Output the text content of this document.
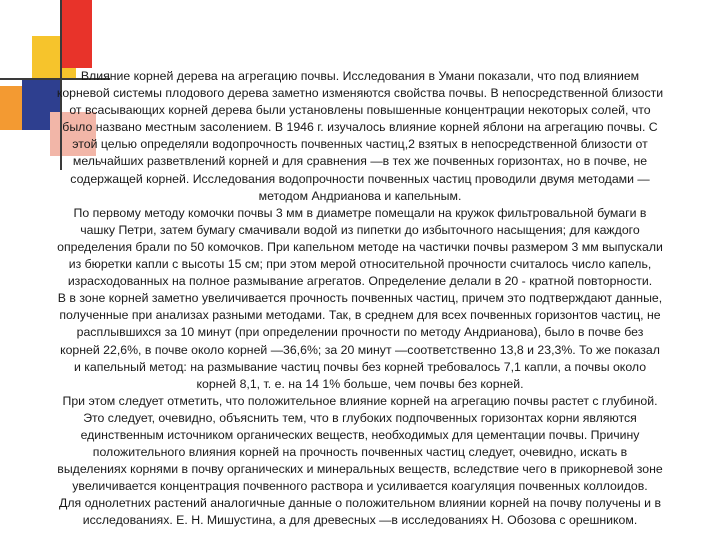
Влияние корней дерева на агрегацию почвы. Исследования в Умани показали, что под влиянием
корневой системы плодового дерева заметно изменяются свойства почвы. В непосредственной близости
от всасывающих корней дерева были установлены повышенные концентрации некоторых солей, что
было названо местным засолением. В 1946 г. изучалось влияние корней яблони на агрегацию почвы. С
этой целью определяли водопрочность почвенных частиц,2 взятых в непосредственной близости от
мельчайших разветвлений корней и для сравнения —в тех же почвенных горизонтах, но в почве, не
содержащей корней. Исследования водопрочности почвенных частиц проводили двумя методами —
методом Андрианова и капельным.
По первому методу комочки почвы 3 мм в диаметре помещали на кружок фильтровальной бумаги в
чашку Петри, затем бумагу смачивали водой из пипетки до избыточного насыщения; для каждого
определения брали по 50 комочков. При капельном методе на частички почвы размером 3 мм выпускали
из бюретки капли с высоты 15 см; при этом мерой относительной прочности считалось число капель,
израсходованных на полное размывание агрегатов. Определение делали в 20 - кратной повторности.
В в зоне корней заметно увеличивается прочность почвенных частиц, причем это подтверждают данные,
полученные при анализах разными методами. Так, в среднем для всех почвенных горизонтов частиц, не
расплывшихся за 10 минут (при определении прочности по методу Андрианова), было в почве без
корней 22,6%, в почве около корней —36,6%; за 20 минут —соответственно 13,8 и 23,3%. То же показал
и капельный метод: на размывание частиц почвы без корней требовалось 7,1 капли, а почвы около
корней 8,1, т. е. на 14 1% больше, чем почвы без корней.
При этом следует отметить, что положительное влияние корней на агрегацию почвы растет с глубиной.
Это следует, очевидно, объяснить тем, что в глубоких подпочвенных горизонтах корни являются
единственным источником органических веществ, необходимых для цементации почвы. Причину
положительного влияния корней на прочность почвенных частиц следует, очевидно, искать в
выделениях корнями в почву органических и минеральных веществ, вследствие чего в прикорневой зоне
увеличивается концентрация почвенного раствора и усиливается коагуляция почвенных коллоидов.
Для однолетних растений аналогичные данные о положительном влиянии корней на почву получены и в
исследованиях. Е. Н. Мишустина, а для древесных —в исследованиях Н. Обозова с орешником.
